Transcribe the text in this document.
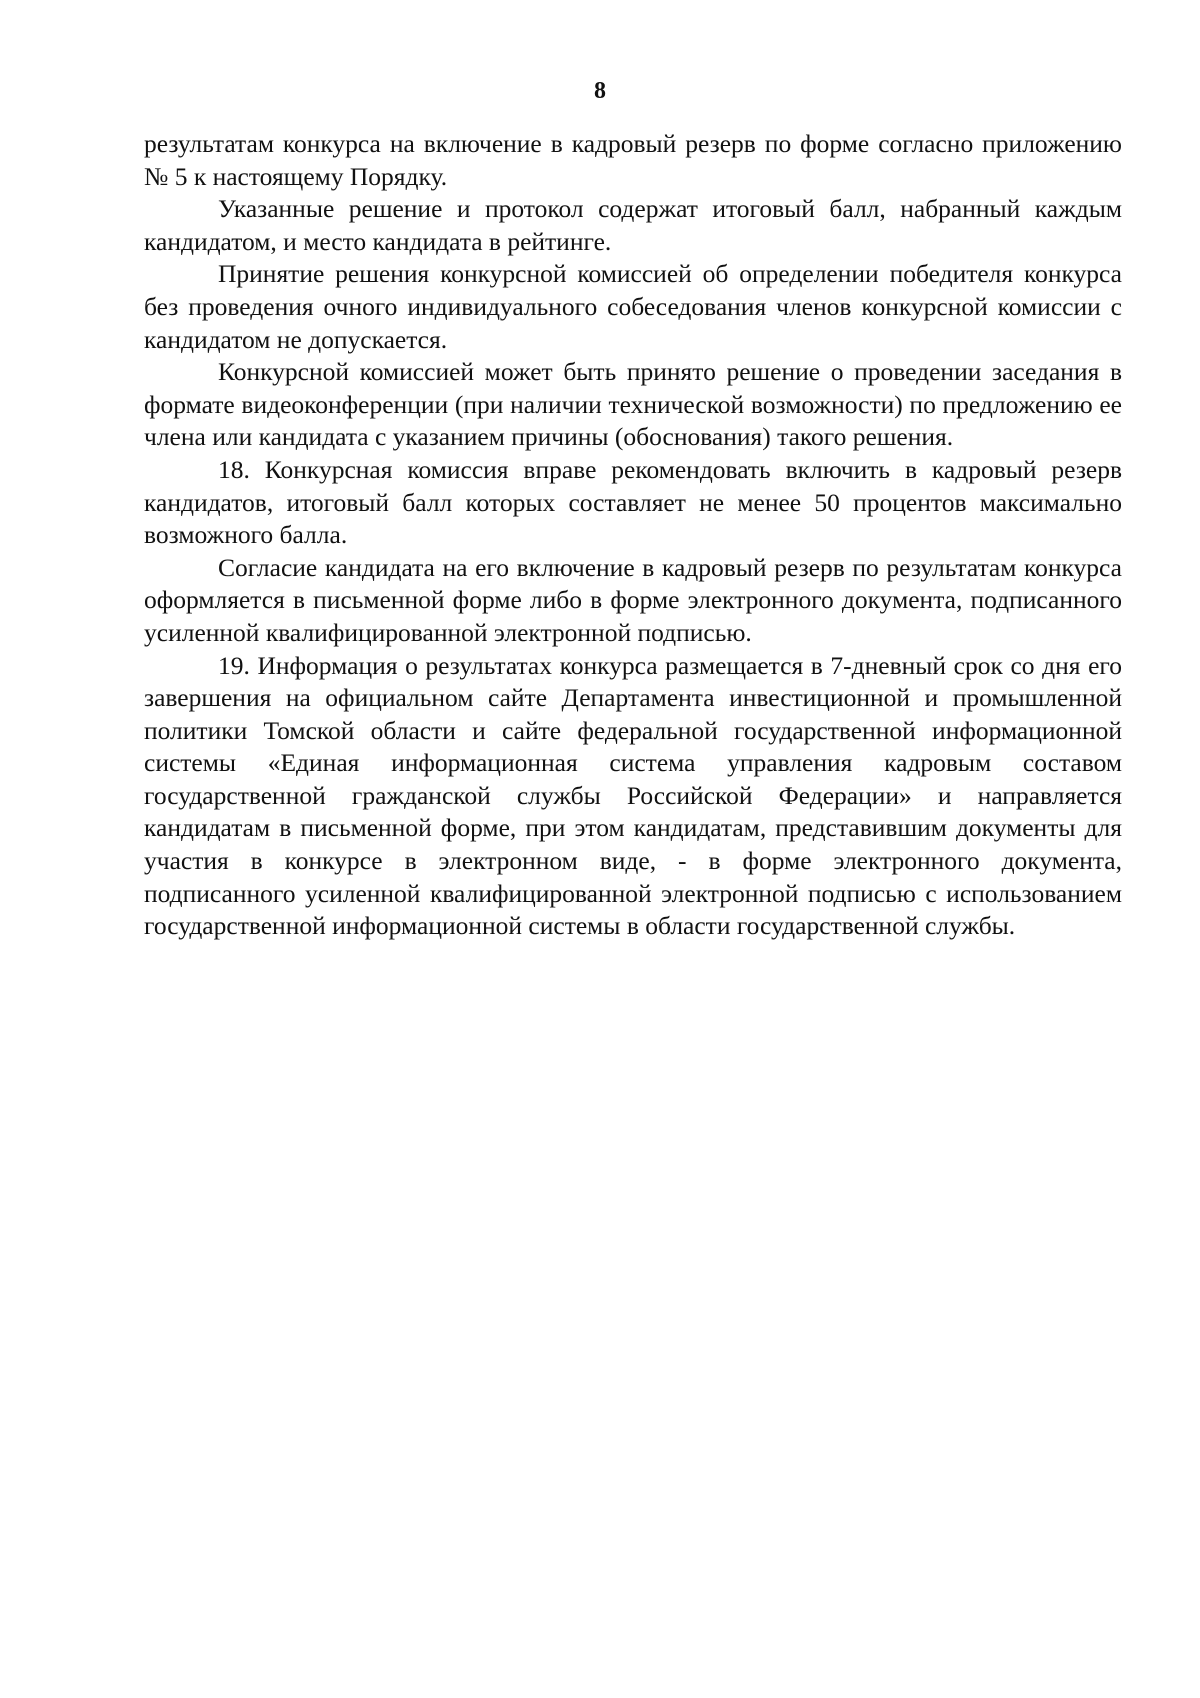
8

результатам конкурса на включение в кадровый резерв по форме согласно приложению № 5 к настоящему Порядку.

Указанные решение и протокол содержат итоговый балл, набранный каждым кандидатом, и место кандидата в рейтинге.

Принятие решения конкурсной комиссией об определении победителя конкурса без проведения очного индивидуального собеседования членов конкурсной комиссии с кандидатом не допускается.

Конкурсной комиссией может быть принято решение о проведении заседания в формате видеоконференции (при наличии технической возможности) по предложению ее члена или кандидата с указанием причины (обоснования) такого решения.

18. Конкурсная комиссия вправе рекомендовать включить в кадровый резерв кандидатов, итоговый балл которых составляет не менее 50 процентов максимально возможного балла.

Согласие кандидата на его включение в кадровый резерв по результатам конкурса оформляется в письменной форме либо в форме электронного документа, подписанного усиленной квалифицированной электронной подписью.

19. Информация о результатах конкурса размещается в 7-дневный срок со дня его завершения на официальном сайте Департамента инвестиционной и промышленной политики Томской области и сайте федеральной государственной информационной системы «Единая информационная система управления кадровым составом государственной гражданской службы Российской Федерации» и направляется кандидатам в письменной форме, при этом кандидатам, представившим документы для участия в конкурсе в электронном виде, - в форме электронного документа, подписанного усиленной квалифицированной электронной подписью с использованием государственной информационной системы в области государственной службы.
